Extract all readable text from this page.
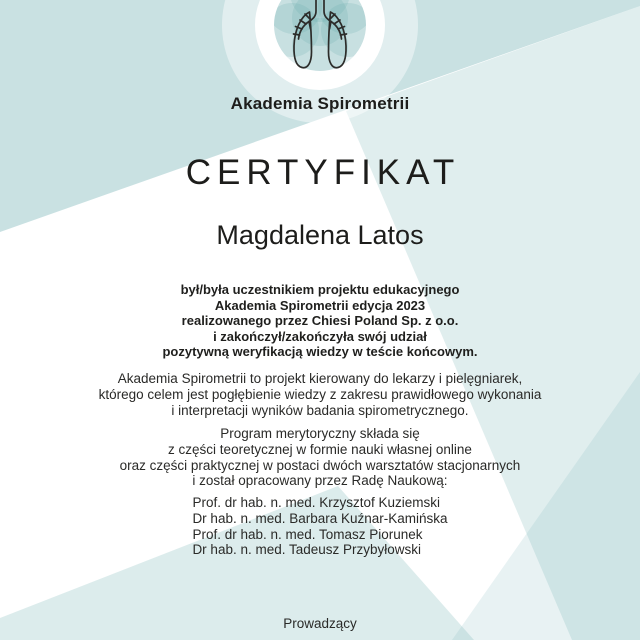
Akademia Spirometrii
CERTYFIKAT
Magdalena Latos
był/była uczestnikiem projektu edukacyjnego
Akademia Spirometrii edycja 2023
realizowanego przez Chiesi Poland Sp. z o.o.
i zakończył/zakończyła swój udział
pozytywną weryfikacją wiedzy w teście końcowym.
Akademia Spirometrii to projekt kierowany do lekarzy i pielęgniarek,
którego celem jest pogłębienie wiedzy z zakresu prawidłowego wykonania
i interpretacji wyników badania spirometrycznego.
Program merytoryczny składa się
z części teoretycznej w formie nauki własnej online
oraz części praktycznej w postaci dwóch warsztatów stacjonarnych
i został opracowany przez Radę Naukową:
Prof. dr hab. n. med. Krzysztof Kuziemski
Dr hab. n. med. Barbara Kuźnar-Kamińska
Prof. dr hab. n. med. Tomasz Piorunek
Dr hab. n. med. Tadeusz Przybyłowski
Prowadzący
